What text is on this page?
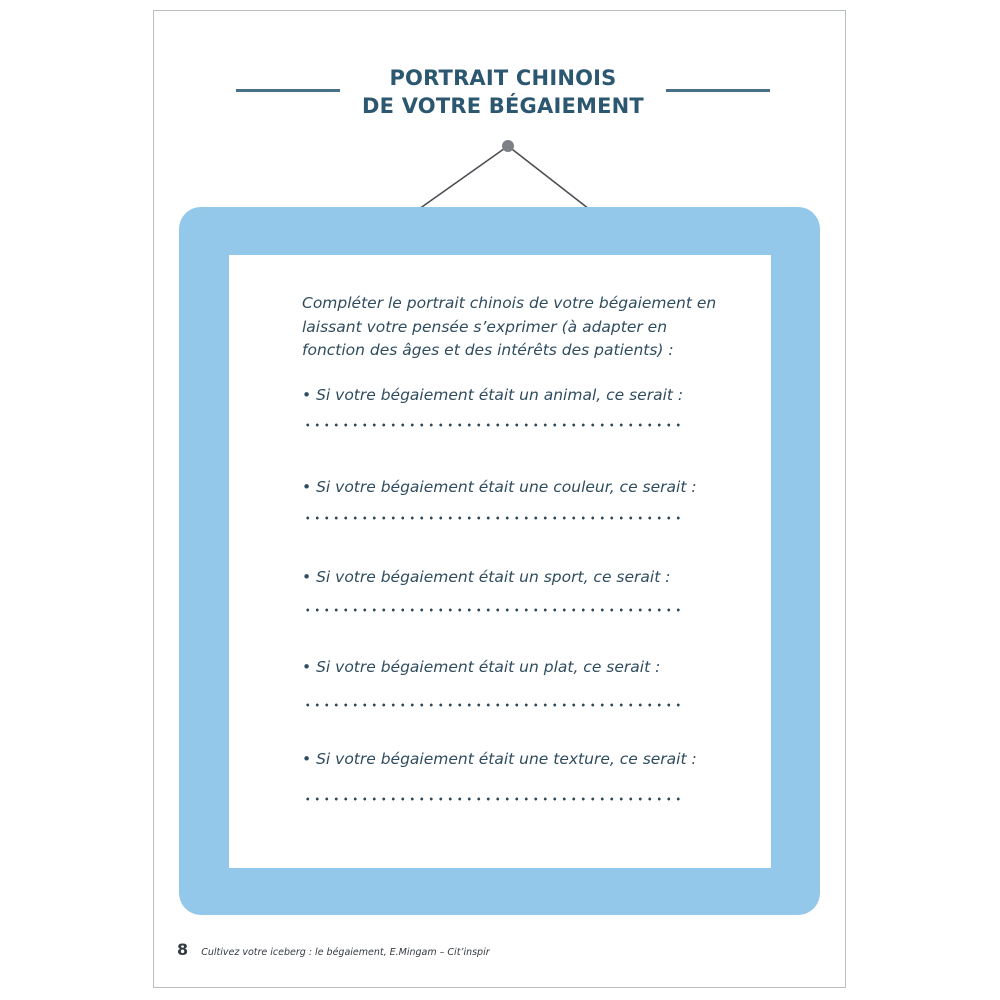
PORTRAIT CHINOIS
DE VOTRE BÉGAIEMENT
Compléter le portrait chinois de votre bégaiement en laissant votre pensée s’exprimer (à adapter en fonction des âges et des intérêts des patients) :
• Si votre bégaiement était un animal, ce serait :
• Si votre bégaiement était une couleur, ce serait :
• Si votre bégaiement était un sport, ce serait :
• Si votre bégaiement était un plat, ce serait :
• Si votre bégaiement était une texture, ce serait :
8 Cultivez votre iceberg : le bégaiement, E.Mingam – Cit’inspir
